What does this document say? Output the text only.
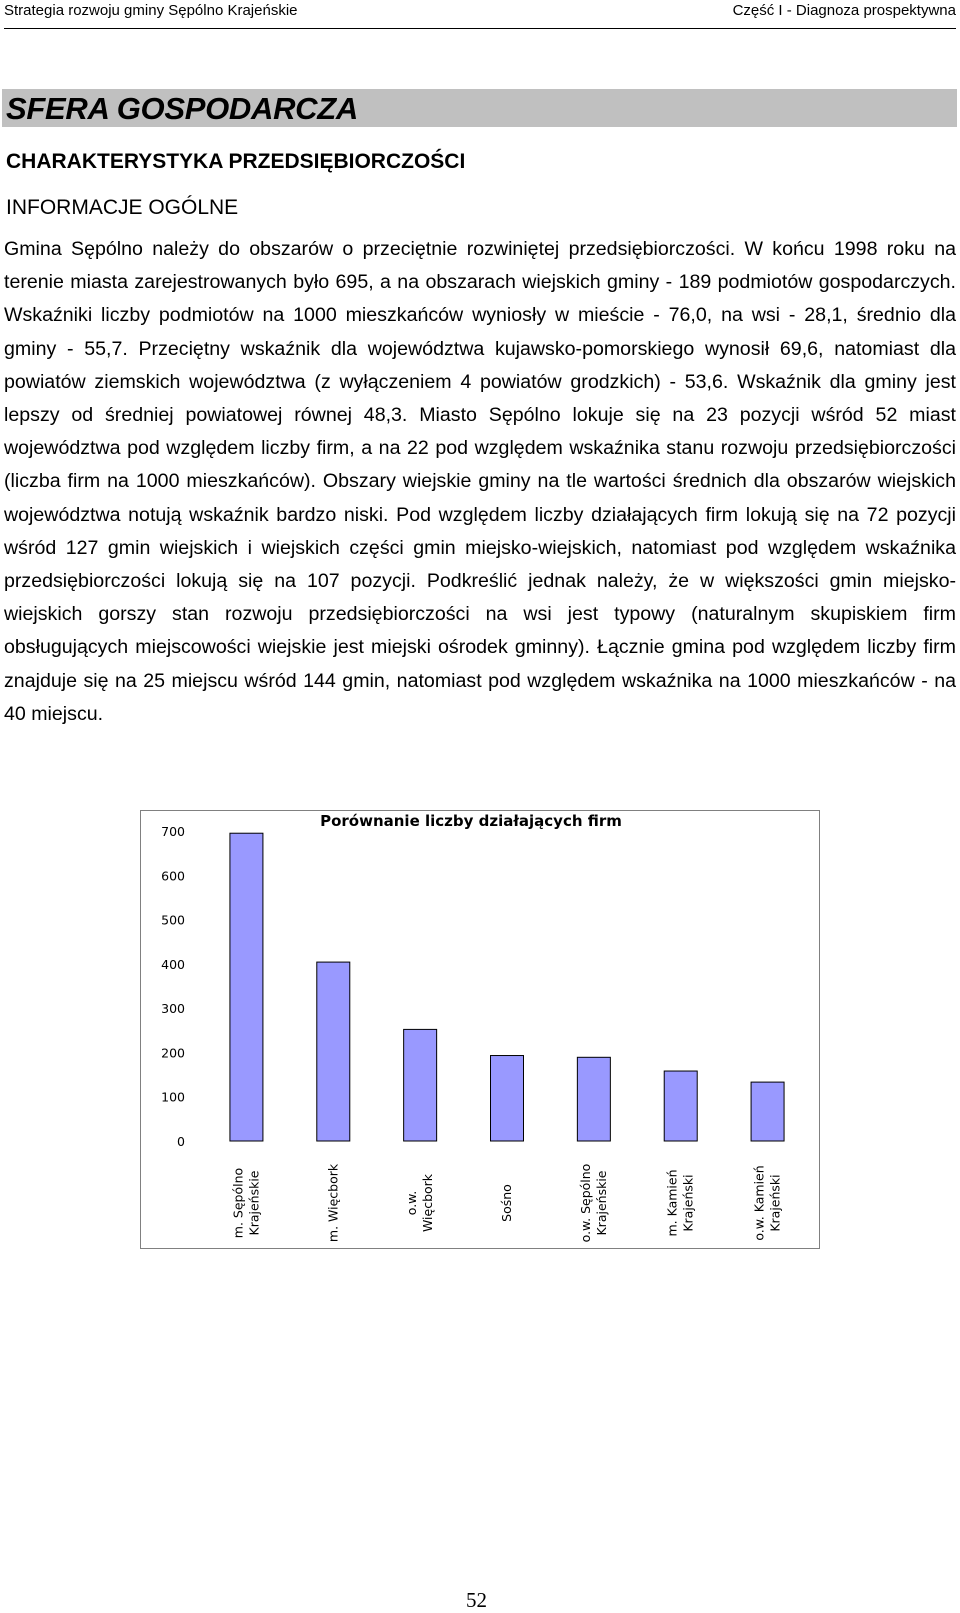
Strategia rozwoju gminy Sępólno Krajeńskie	Część I - Diagnoza prospektywna
SFERA GOSPODARCZA
CHARAKTERYSTYKA PRZEDSIĘBIORCZOŚCI
INFORMACJE OGÓLNE
Gmina Sępólno należy do obszarów o przeciętnie rozwiniętej przedsiębiorczości. W końcu 1998 roku na terenie miasta zarejestrowanych było 695, a na obszarach wiejskich gminy - 189 podmiotów gospodarczych. Wskaźniki liczby podmiotów na 1000 mieszkańców wyniosły w mieście - 76,0, na wsi - 28,1, średnio dla gminy - 55,7. Przeciętny wskaźnik dla województwa kujawsko-pomorskiego wynosił 69,6, natomiast dla powiatów ziemskich województwa (z wyłączeniem 4 powiatów grodzkich) - 53,6. Wskaźnik dla gminy jest lepszy od średniej powiatowej równej 48,3. Miasto Sępólno lokuje się na 23 pozycji wśród 52 miast województwa pod względem liczby firm, a na 22 pod względem wskaźnika stanu rozwoju przedsiębiorczości (liczba firm na 1000 mieszkańców). Obszary wiejskie gminy na tle wartości średnich dla obszarów wiejskich województwa notują wskaźnik bardzo niski. Pod względem liczby działających firm lokują się na 72 pozycji wśród 127 gmin wiejskich i wiejskich części gmin miejsko-wiejskich, natomiast pod względem wskaźnika przedsiębiorczości lokują się na 107 pozycji. Podkreślić jednak należy, że w większości gmin miejsko-wiejskich gorszy stan rozwoju przedsiębiorczości na wsi jest typowy (naturalnym skupiskiem firm obsługujących miejscowości wiejskie jest miejski ośrodek gminny). Łącznie gmina pod względem liczby firm znajduje się na 25 miejscu wśród 144 gmin, natomiast pod względem wskaźnika na 1000 mieszkańców - na 40 miejscu.
Porównanie liczby działających firm
0
100
200
300
400
500
600
700
m. Sępólno Krajeńskie	m. Więcbork	o.w. Więcbork	Sośno	o.w. Sępólno Krajeńskie	m. Kamień Krajeński	o.w. Kamień Krajeński
52
